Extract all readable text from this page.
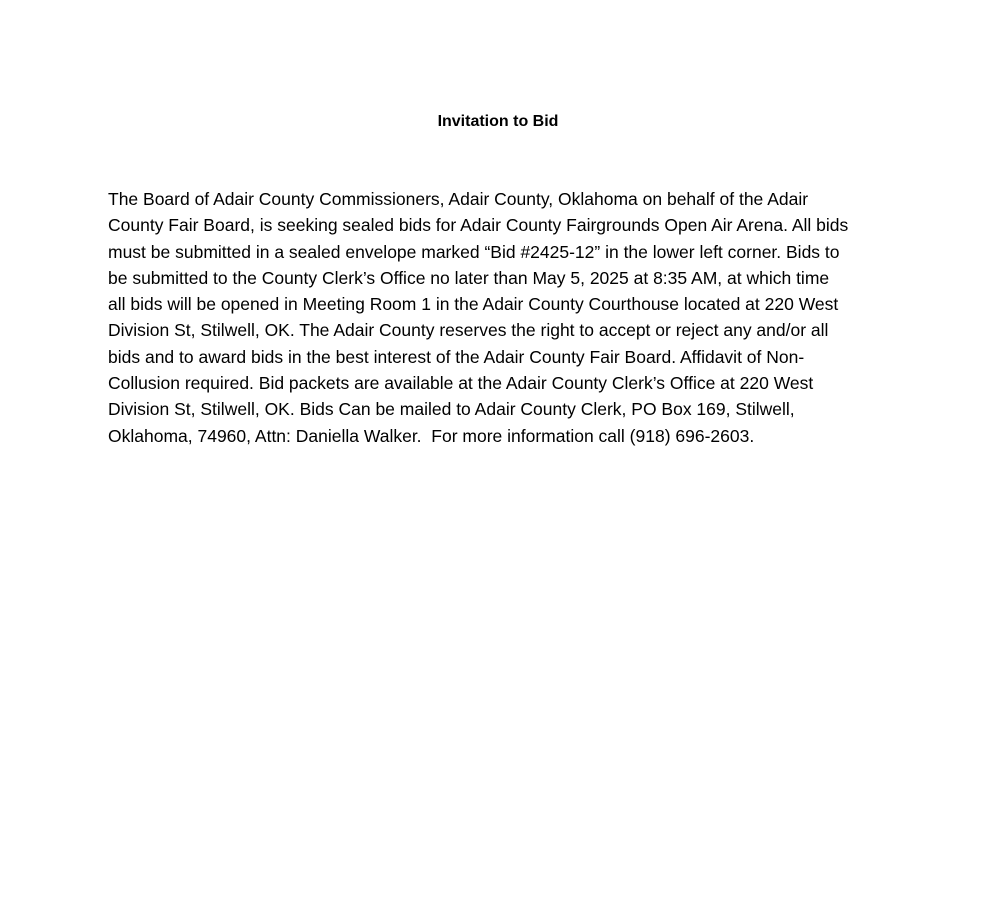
Invitation to Bid

The Board of Adair County Commissioners, Adair County, Oklahoma on behalf of the Adair
County Fair Board, is seeking sealed bids for Adair County Fairgrounds Open Air Arena. All bids
must be submitted in a sealed envelope marked “Bid #2425-12” in the lower left corner. Bids to
be submitted to the County Clerk’s Office no later than May 5, 2025 at 8:35 AM, at which time
all bids will be opened in Meeting Room 1 in the Adair County Courthouse located at 220 West
Division St, Stilwell, OK. The Adair County reserves the right to accept or reject any and/or all
bids and to award bids in the best interest of the Adair County Fair Board. Affidavit of Non-
Collusion required. Bid packets are available at the Adair County Clerk’s Office at 220 West
Division St, Stilwell, OK. Bids Can be mailed to Adair County Clerk, PO Box 169, Stilwell,
Oklahoma, 74960, Attn: Daniella Walker.  For more information call (918) 696-2603.
